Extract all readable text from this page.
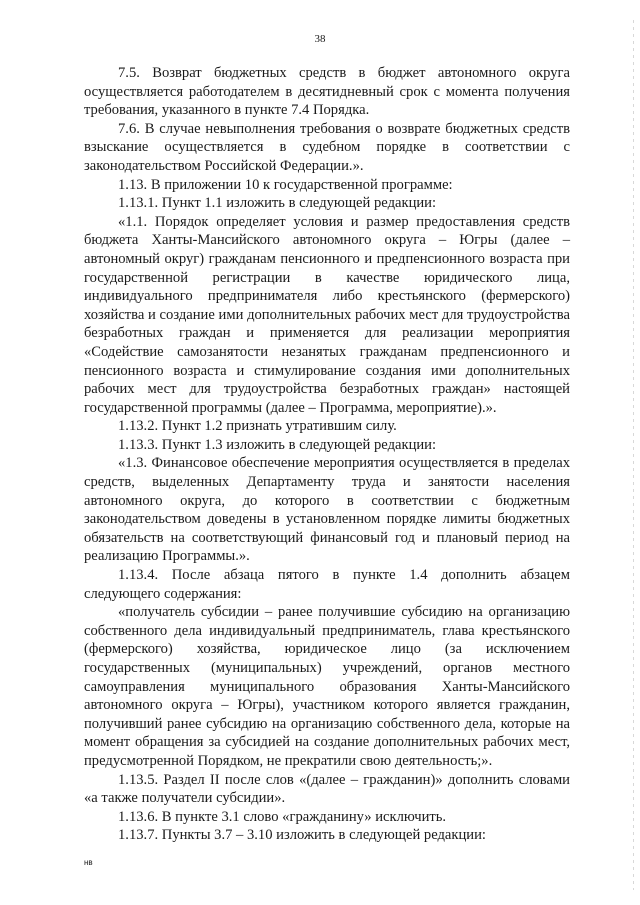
38

7.5. Возврат бюджетных средств в бюджет автономного округа осуществляется работодателем в десятидневный срок с момента получения требования, указанного в пункте 7.4 Порядка.

7.6. В случае невыполнения требования о возврате бюджетных средств взыскание осуществляется в судебном порядке в соответствии с законодательством Российской Федерации.».

1.13. В приложении 10 к государственной программе:

1.13.1. Пункт 1.1 изложить в следующей редакции:

«1.1. Порядок определяет условия и размер предоставления средств бюджета Ханты-Мансийского автономного округа – Югры (далее – автономный округ) гражданам пенсионного и предпенсионного возраста при государственной регистрации в качестве юридического лица, индивидуального предпринимателя либо крестьянского (фермерского) хозяйства и создание ими дополнительных рабочих мест для трудоустройства безработных граждан и применяется для реализации мероприятия «Содействие самозанятости незанятых гражданам предпенсионного и пенсионного возраста и стимулирование создания ими дополнительных рабочих мест для трудоустройства безработных граждан» настоящей государственной программы (далее – Программа, мероприятие).».

1.13.2. Пункт 1.2 признать утратившим силу.

1.13.3. Пункт 1.3 изложить в следующей редакции:

«1.3. Финансовое обеспечение мероприятия осуществляется в пределах средств, выделенных Департаменту труда и занятости населения автономного округа, до которого в соответствии с бюджетным законодательством доведены в установленном порядке лимиты бюджетных обязательств на соответствующий финансовый год и плановый период на реализацию Программы.».

1.13.4. После абзаца пятого в пункте 1.4 дополнить абзацем следующего содержания:

«получатель субсидии – ранее получившие субсидию на организацию собственного дела индивидуальный предприниматель, глава крестьянского (фермерского) хозяйства, юридическое лицо (за исключением государственных (муниципальных) учреждений, органов местного самоуправления муниципального образования Ханты-Мансийского автономного округа – Югры), участником которого является гражданин, получивший ранее субсидию на организацию собственного дела, которые на момент обращения за субсидией на создание дополнительных рабочих мест, предусмотренной Порядком, не прекратили свою деятельность;».

1.13.5. Раздел II после слов «(далее – гражданин)» дополнить словами «а также получатели субсидии».

1.13.6. В пункте 3.1 слово «гражданину» исключить.

1.13.7. Пункты 3.7 – 3.10 изложить в следующей редакции:

нв
